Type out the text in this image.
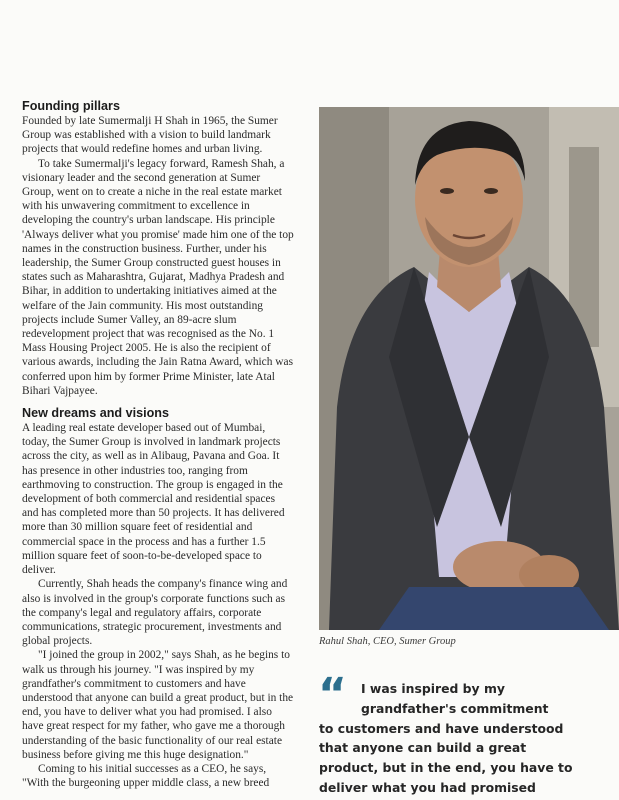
Founding pillars

Founded by late Sumermalji H Shah in 1965, the Sumer Group was established with a vision to build landmark projects that would redefine homes and urban living.

To take Sumermalji's legacy forward, Ramesh Shah, a visionary leader and the second generation at Sumer Group, went on to create a niche in the real estate market with his unwavering commitment to excellence in developing the country's urban landscape. His principle 'Always deliver what you promise' made him one of the top names in the construction business. Further, under his leadership, the Sumer Group constructed guest houses in states such as Maharashtra, Gujarat, Madhya Pradesh and Bihar, in addition to undertaking initiatives aimed at the welfare of the Jain community. His most outstanding projects include Sumer Valley, an 89-acre slum redevelopment project that was recognised as the No. 1 Mass Housing Project 2005. He is also the recipient of various awards, including the Jain Ratna Award, which was conferred upon him by former Prime Minister, late Atal Bihari Vajpayee.

New dreams and visions

A leading real estate developer based out of Mumbai, today, the Sumer Group is involved in landmark projects across the city, as well as in Alibaug, Pavana and Goa. It has presence in other industries too, ranging from earthmoving to construction. The group is engaged in the development of both commercial and residential spaces and has completed more than 50 projects. It has delivered more than 30 million square feet of residential and commercial space in the process and has a further 1.5 million square feet of soon-to-be-developed space to deliver.

Currently, Shah heads the company's finance wing and also is involved in the group's corporate functions such as the company's legal and regulatory affairs, corporate communications, strategic procurement, investments and global projects.

"I joined the group in 2002," says Shah, as he begins to walk us through his journey. "I was inspired by my grandfather's commitment to customers and have understood that anyone can build a great product, but in the end, you have to deliver what you had promised. I also have great respect for my father, who gave me a thorough understanding of the basic functionality of our real estate business before giving me this huge designation."

Coming to his initial successes as a CEO, he says, "With the burgeoning upper middle class, a new breed

Rahul Shah, CEO, Sumer Group
“	I was inspired by my
grandfather's commitment
to customers and have understood
that anyone can build a great
product, but in the end, you have to
deliver what you had promised
